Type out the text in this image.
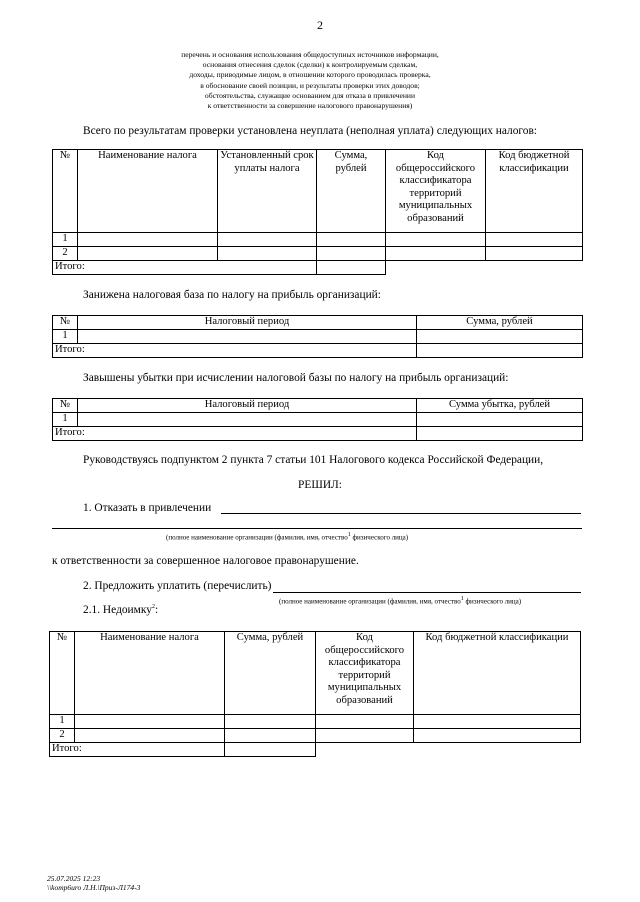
2
перечень и основания использования общедоступных источников информации,
основания отнесения сделок (сделки) к контролируемым сделкам,
доходы, приводимые лицом, в отношении которого проводилась проверка,
в обоснование своей позиции, и результаты проверки этих доводов;
обстоятельства, служащие основанием для отказа в привлечении
к ответственности за совершение налогового правонарушения)
Всего по результатам проверки установлена неуплата (неполная уплата) следующих налогов:
№	Наименование налога	Установленный срок уплаты налога	Сумма, рублей	Код общероссийского классификатора территорий муниципальных образований	Код бюджетной классификации
1					
2					
Итого:					
Занижена налоговая база по налогу на прибыль организаций:
№	Налоговый период	Сумма, рублей
1		
Итого:		
Завышены убытки при исчислении налоговой базы по налогу на прибыль организаций:
№	Налоговый период	Сумма убытка, рублей
1		
Итого:		
Руководствуясь подпунктом 2 пункта 7 статьи 101 Налогового кодекса Российской Федерации,
РЕШИЛ:
1. Отказать в привлечении
(полное наименование организации (фамилия, имя, отчество$^1$ физического лица)
к ответственности за совершенное налоговое правонарушение.
2. Предложить уплатить (перечислить)
(полное наименование организации (фамилия, имя, отчество$^1$ физического лица)
2.1. Недоимку$^2$:
№	Наименование налога	Сумма, рублей	Код общероссийского классификатора территорий муниципальных образований	Код бюджетной классификации
1				
2				
Итого:				
25.07.2025 12:23
\\komp6uro Л.Н.\Приз-Л174-3
